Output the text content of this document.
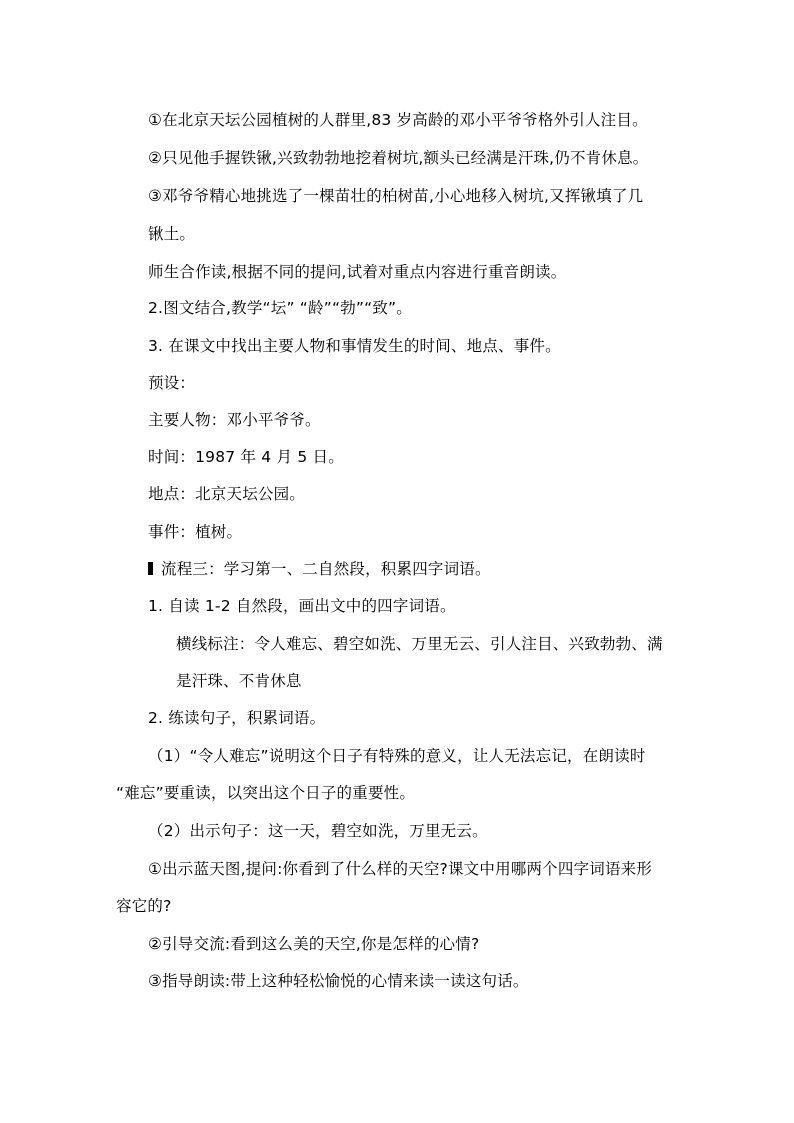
①在北京天坛公园植树的人群里,83 岁高龄的邓小平爷爷格外引人注目。
②只见他手握铁锹,兴致勃勃地挖着树坑,额头已经满是汗珠,仍不肯休息。
③邓爷爷精心地挑选了一棵苗壮的柏树苗,小心地移入树坑,又挥锹填了几
锹土。
师生合作读,根据不同的提问,试着对重点内容进行重音朗读。
2.图文结合,教学“坛” “龄”“勃”“致”。
3. 在课文中找出主要人物和事情发生的时间、地点、事件。
预设：
主要人物：邓小平爷爷。
时间：1987 年 4 月 5 日。
地点：北京天坛公园。
事件：植树。
流程三：学习第一、二自然段，积累四字词语。
1. 自读 1-2 自然段，画出文中的四字词语。
横线标注：令人难忘、碧空如洗、万里无云、引人注目、兴致勃勃、满
是汗珠、不肯休息
2. 练读句子，积累词语。
（1）“令人难忘”说明这个日子有特殊的意义，让人无法忘记，在朗读时
“难忘”要重读，以突出这个日子的重要性。
（2）出示句子：这一天，碧空如洗，万里无云。
①出示蓝天图,提问:你看到了什么样的天空?课文中用哪两个四字词语来形
容它的?
②引导交流:看到这么美的天空,你是怎样的心情?
③指导朗读:带上这种轻松愉悦的心情来读一读这句话。
